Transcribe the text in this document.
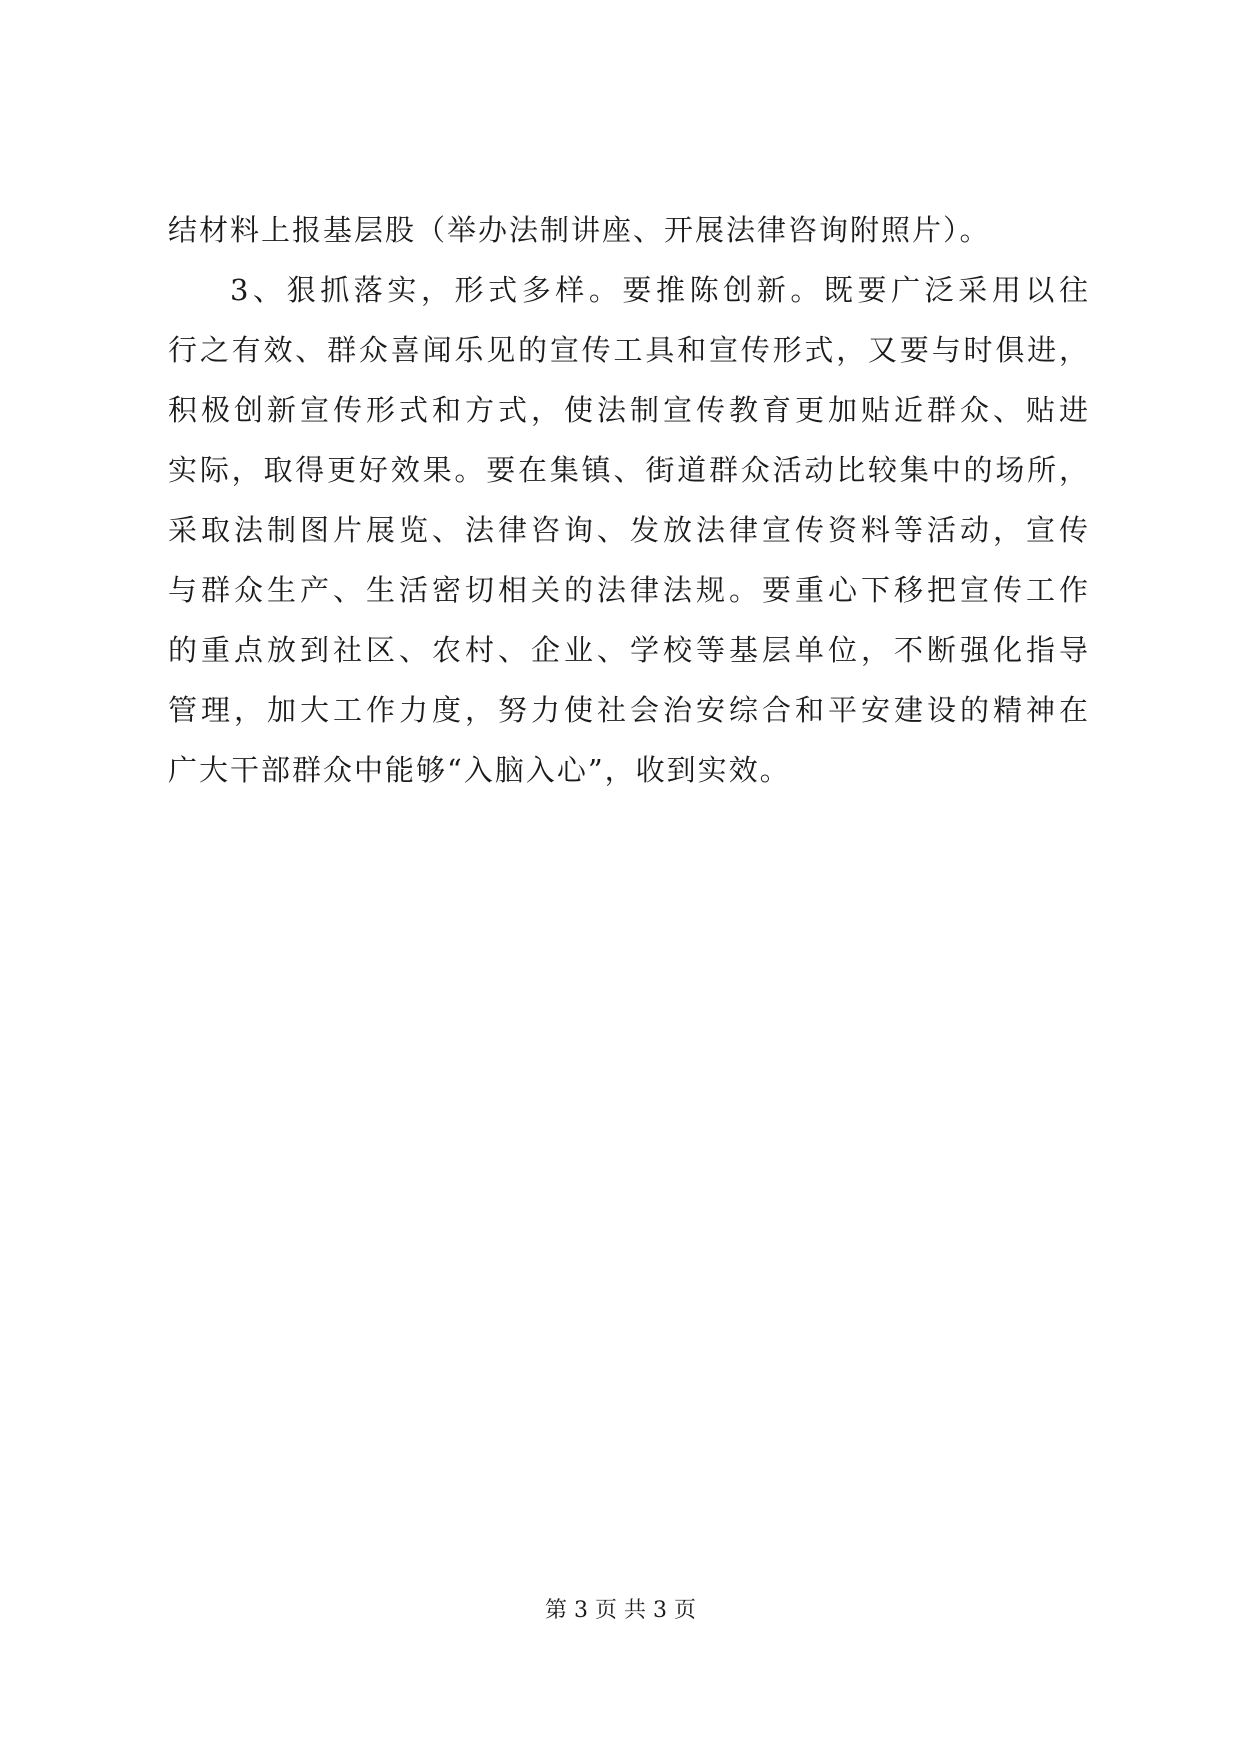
结材料上报基层股（举办法制讲座、开展法律咨询附照片）。
3、狠抓落实，形式多样。要推陈创新。既要广泛采用以往
行之有效、群众喜闻乐见的宣传工具和宣传形式，又要与时俱进，
积极创新宣传形式和方式，使法制宣传教育更加贴近群众、贴进
实际，取得更好效果。要在集镇、街道群众活动比较集中的场所，
采取法制图片展览、法律咨询、发放法律宣传资料等活动，宣传
与群众生产、生活密切相关的法律法规。要重心下移把宣传工作
的重点放到社区、农村、企业、学校等基层单位，不断强化指导
管理，加大工作力度，努力使社会治安综合和平安建设的精神在
广大干部群众中能够“入脑入心”，收到实效。
第 3 页 共 3 页
